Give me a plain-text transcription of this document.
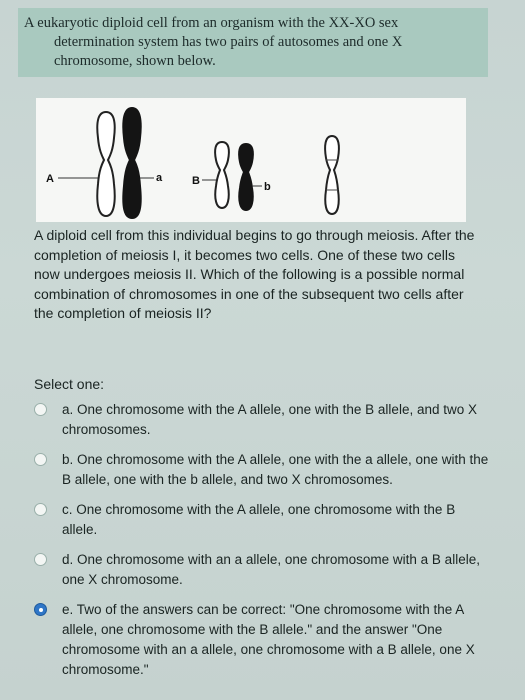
A eukaryotic diploid cell from an organism with the XX-XO sex determination system has two pairs of autosomes and one X chromosome, shown below.

A	a	B	b
A diploid cell from this individual begins to go through meiosis. After the completion of meiosis I, it becomes two cells. One of these two cells now undergoes meiosis II. Which of the following is a possible normal combination of chromosomes in one of the subsequent two cells after the completion of meiosis II?
Select one:
a. One chromosome with the A allele, one with the B allele, and two X chromosomes.
b. One chromosome with the A allele, one with the a allele, one with the B allele, one with the b allele, and two X chromosomes.
c. One chromosome with the A allele, one chromosome with the B allele.
d. One chromosome with an a allele, one chromosome with a B allele, one X chromosome.
e. Two of the answers can be correct: "One chromosome with the A allele, one chromosome with the B allele." and the answer "One chromosome with an a allele, one chromosome with a B allele, one X chromosome."
